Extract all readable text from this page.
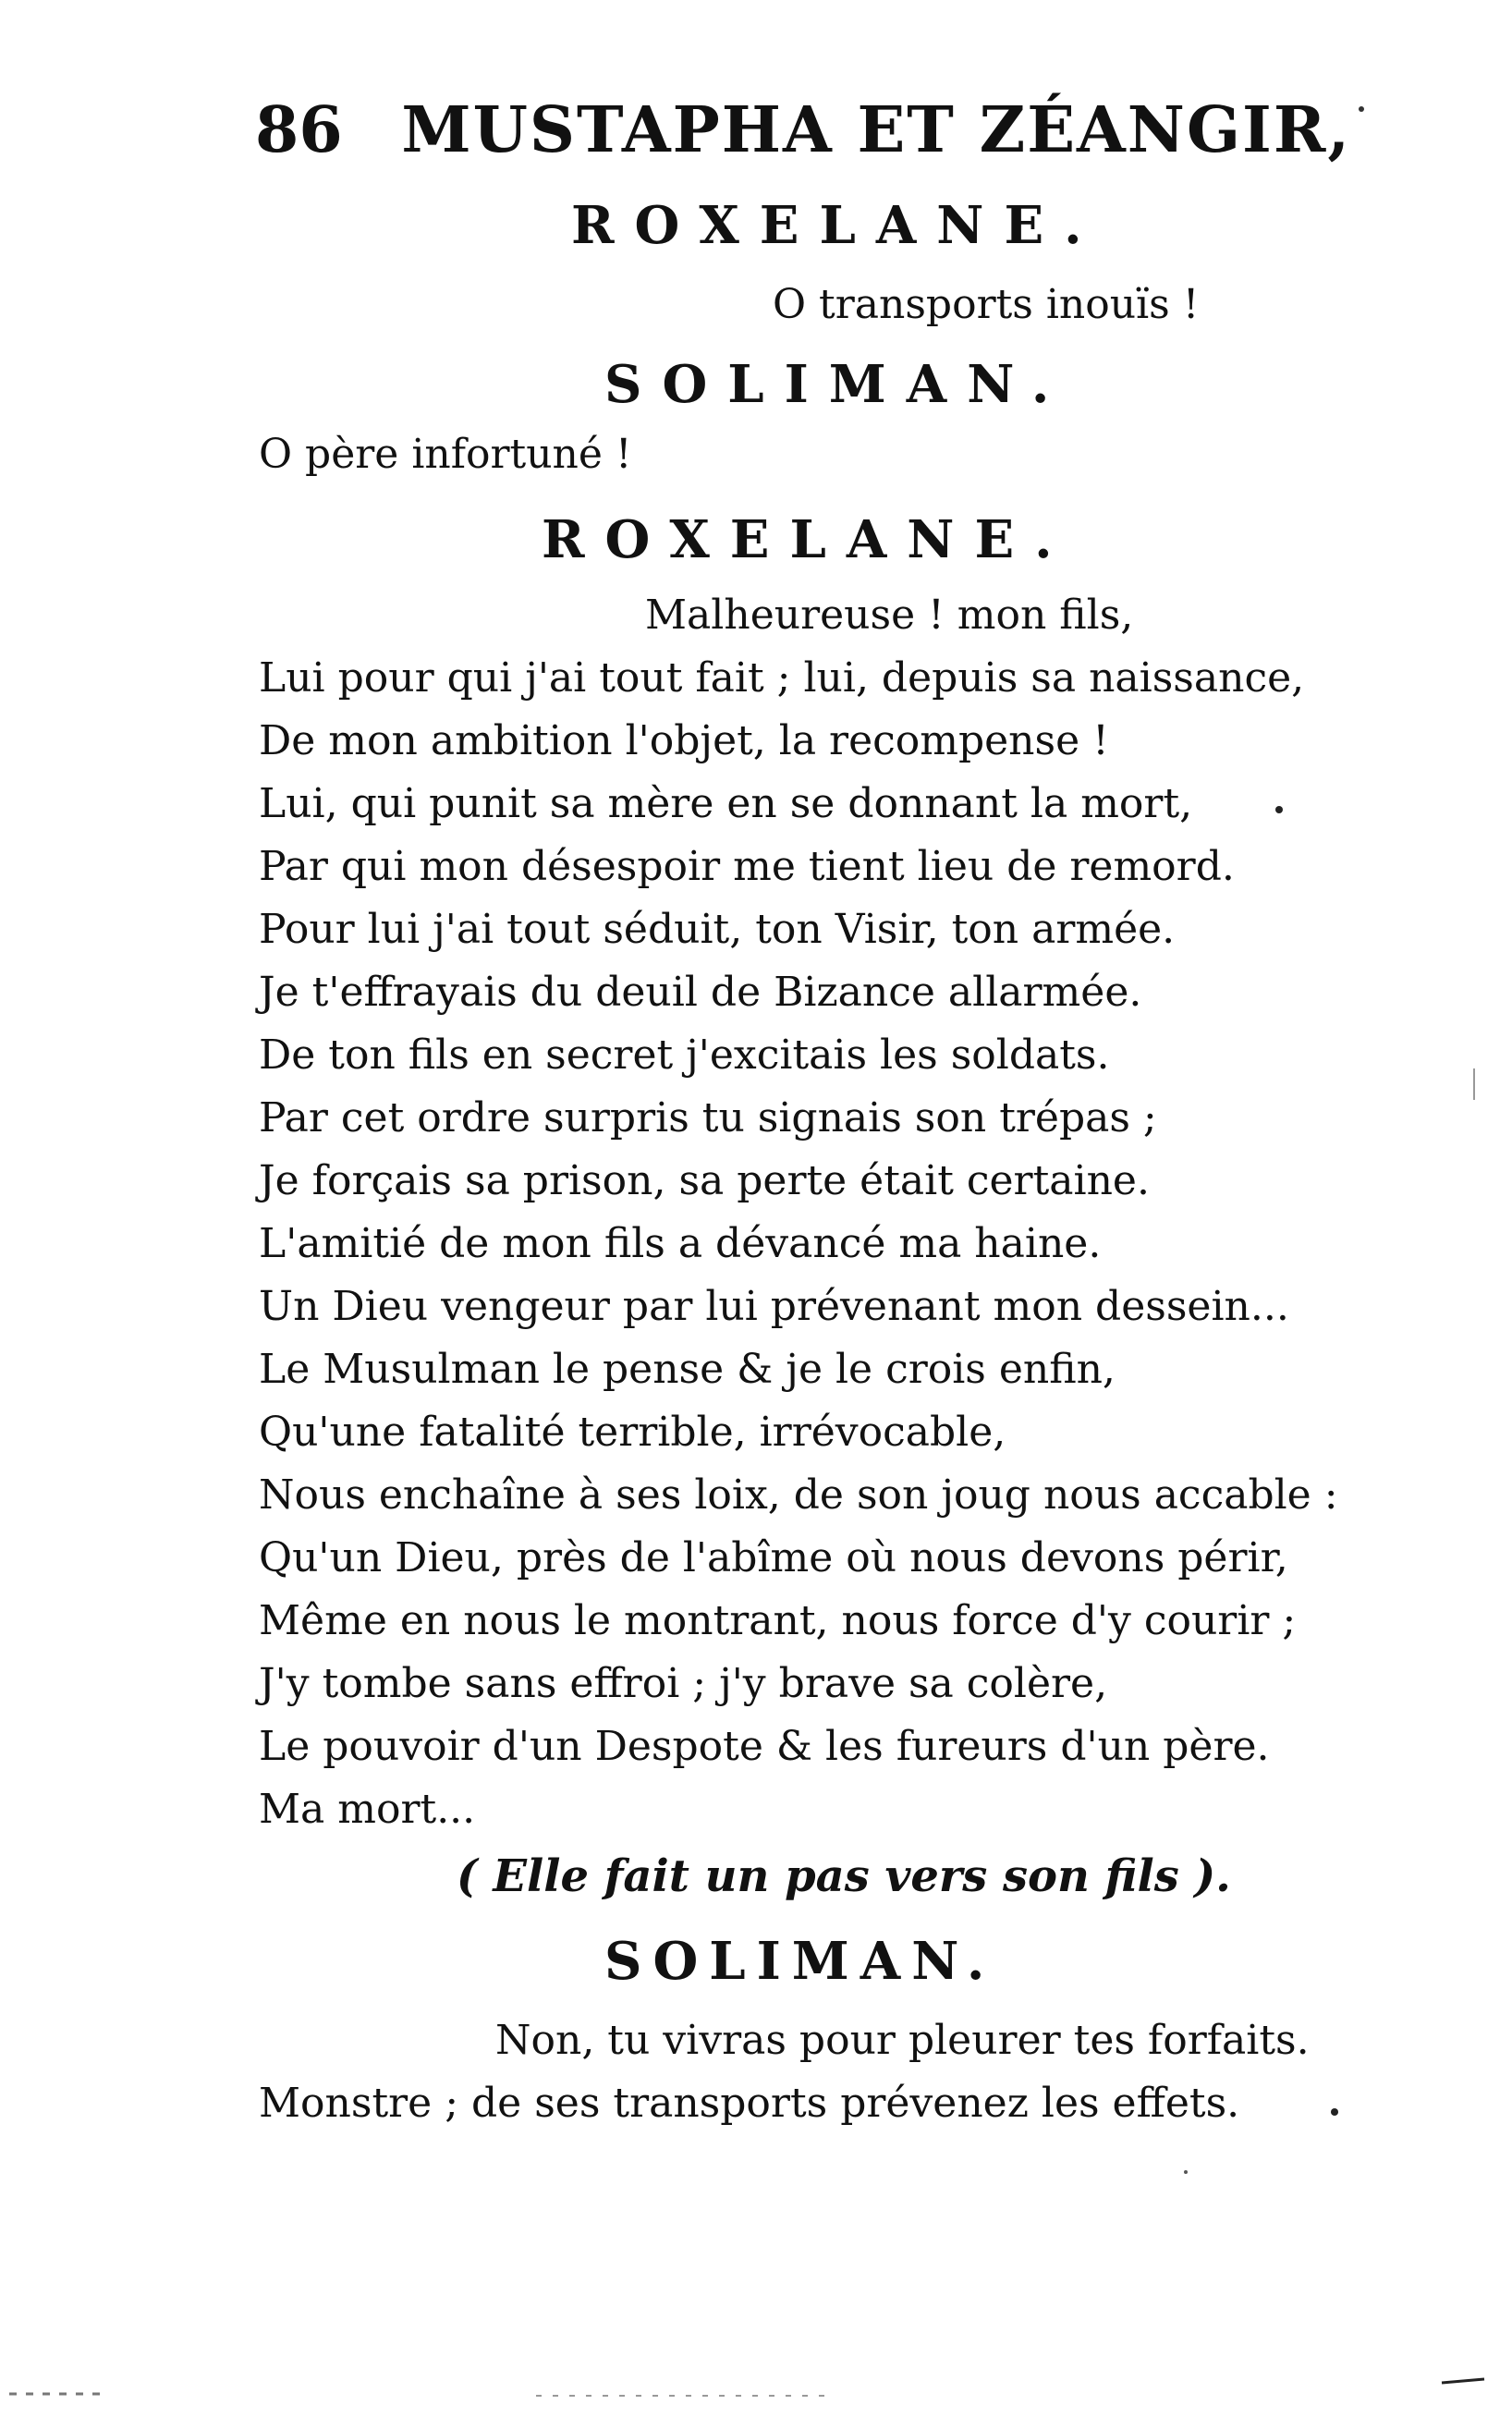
86 MUSTAPHA ET ZÉANGIR,
ROXELANE.
O transports inouïs !
SOLIMAN.
O père infortuné !
ROXELANE.
Malheureuse ! mon fils,
Lui pour qui j'ai tout fait ; lui, depuis sa naissance,
De mon ambition l'objet, la recompense !
Lui, qui punit sa mère en se donnant la mort,
Par qui mon désespoir me tient lieu de remord.
Pour lui j'ai tout séduit, ton Visir, ton armée.
Je t'effrayais du deuil de Bizance allarmée.
De ton fils en secret j'excitais les soldats.
Par cet ordre surpris tu signais son trépas ;
Je forçais sa prison, sa perte était certaine.
L'amitié de mon fils a dévancé ma haine.
Un Dieu vengeur par lui prévenant mon dessein...
Le Musulman le pense & je le crois enfin,
Qu'une fatalité terrible, irrévocable,
Nous enchaîne à ses loix, de son joug nous accable :
Qu'un Dieu, près de l'abîme où nous devons périr,
Même en nous le montrant, nous force d'y courir ;
J'y tombe sans effroi ; j'y brave sa colère,
Le pouvoir d'un Despote & les fureurs d'un père.
Ma mort...
( Elle fait un pas vers son fils ).
SOLIMAN.
Non, tu vivras pour pleurer tes forfaits.
Monstre ; de ses transports prévenez les effets.
